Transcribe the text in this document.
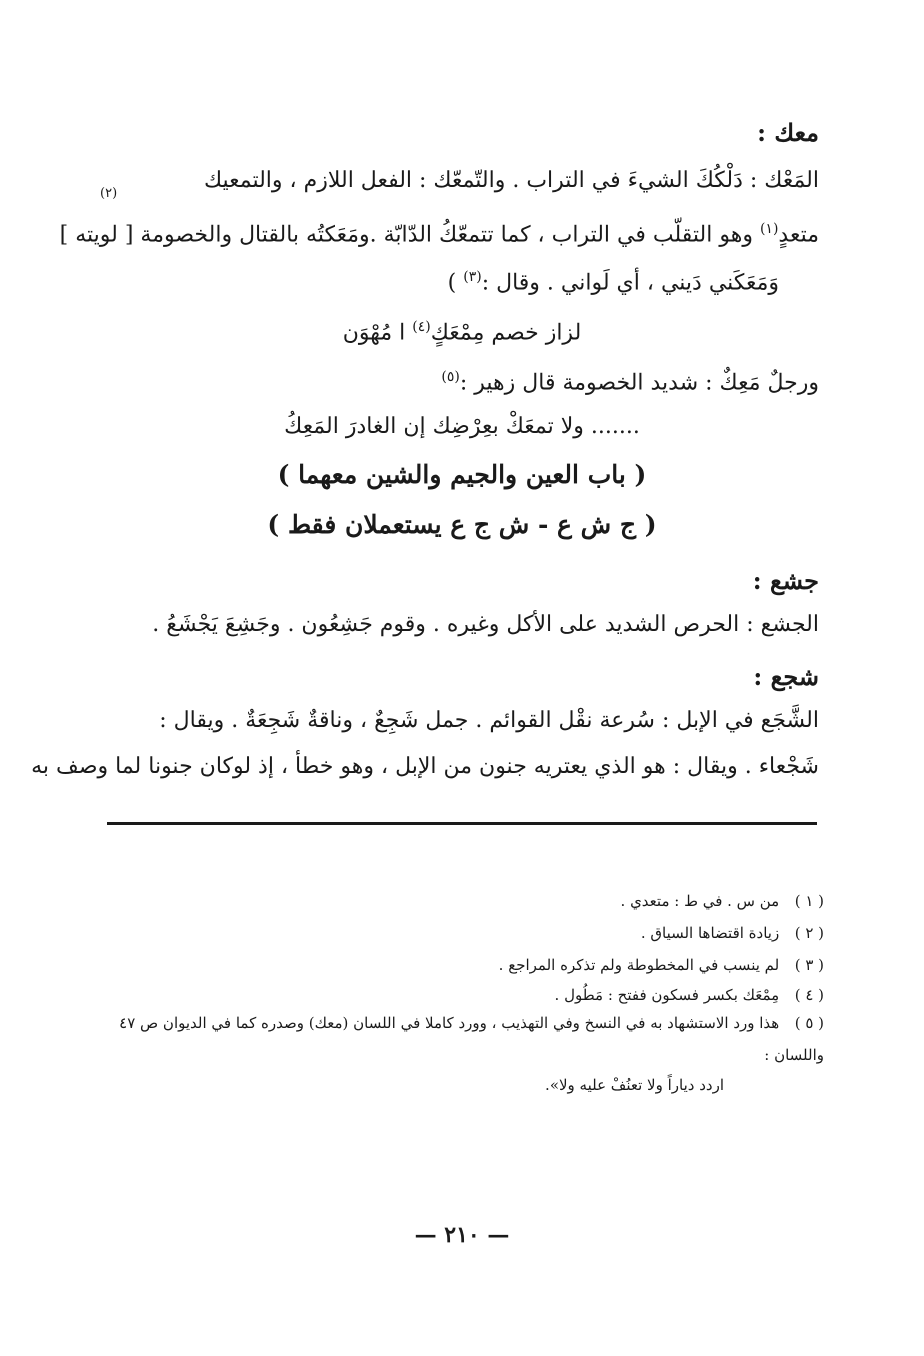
معك :
المَعْك : دَلْكُكَ الشيءَ في التراب . والتّمعّك : الفعل اللازم ، والتمعيك
(٢)
متعدٍ$^{(١)}$ وهو التقلّب في التراب ، كما تتمعّكُ الدّابّة .ومَعَكتُه بالقتال والخصومة [ لويته ]
وَمَعَكَني دَيني ، أي لَواني . وقال :$^{(٣)}$ )
لزاز خصم مِمْعَكٍ$^{(٤)}$ ا مُهْوَن
ورجلٌ مَعِكٌ : شديد الخصومة قال زهير :$^{(٥)}$
....... ولا تمعَكْ بعِرْضِك إن الغادرَ المَعِكُ
( باب العين والجيم والشين معهما )
( ج ش ع - ش ج ع يستعملان فقط )
جشع :
الجشع : الحرص الشديد على الأكل وغيره . وقوم جَشِعُون . وجَشِعَ يَجْشَعُ .
شجع :
الشَّجَع في الإبل : سُرعة نقْل القوائم . جمل شَجِعٌ ، وناقةٌ شَجِعَةٌ . ويقال :
شَجْعاء . ويقال : هو الذي يعتريه جنون من الإبل ، وهو خطأ ، إذ لوكان جنونا لما وصف به
( ١ ) من س . في ط : متعدي .
( ٢ ) زيادة اقتضاها السياق .
( ٣ ) لم ينسب في المخطوطة ولم تذكره المراجع .
( ٤ ) مِمْعَك بكسر فسكون ففتح : مَطُول .
( ٥ ) هذا ورد الاستشهاد به في النسخ وفي التهذيب ، وورد كاملا في اللسان (معك) وصدره كما في الديوان ص ٤٧
واللسان :
اردد دياراً ولا تعنُفْ عليه ولا».
— ٢١٠ —
